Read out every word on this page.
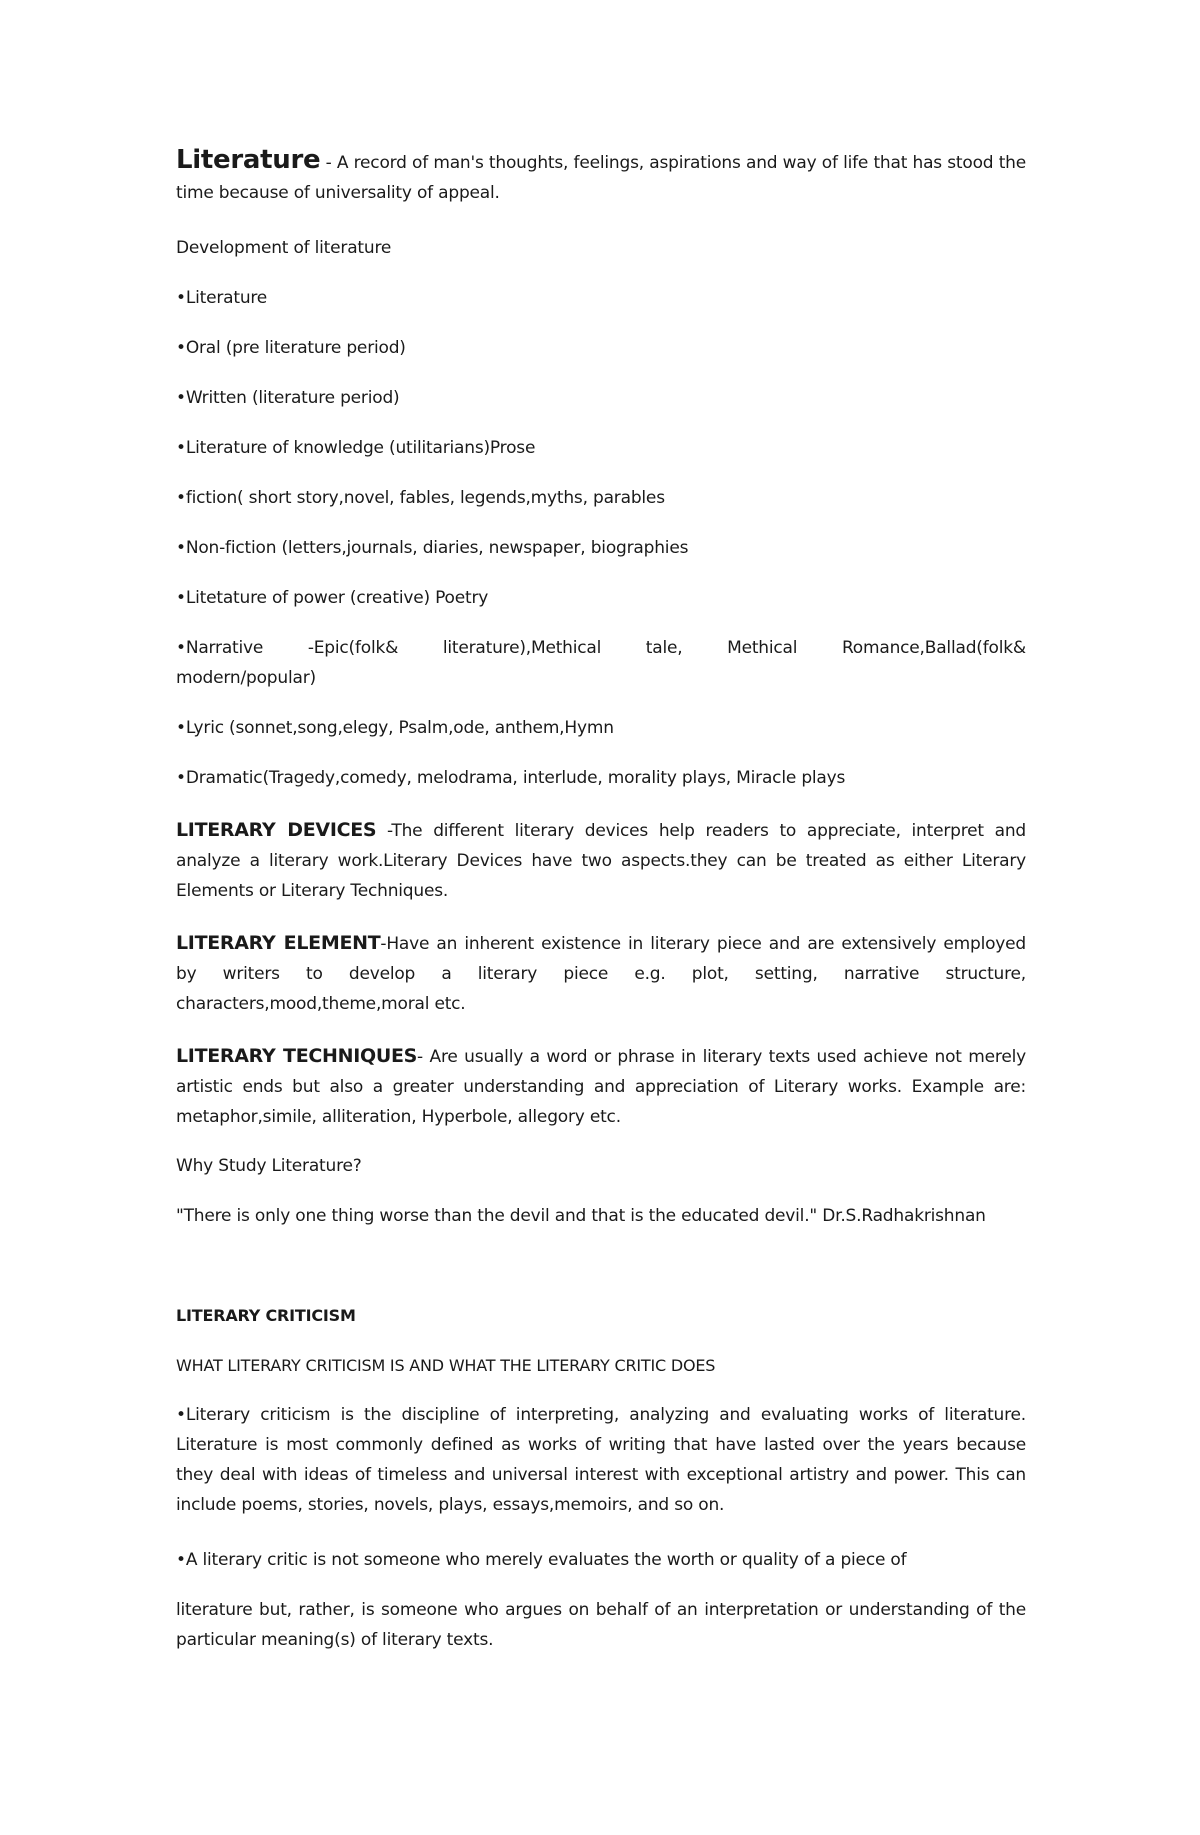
Literature - A record of man's thoughts, feelings, aspirations and way of life that has stood the time because of universality of appeal.

Development of literature

• Literature

• Oral (pre literature period)

• Written (literature period)

• Literature of knowledge (utilitarians)Prose

• fiction( short story,novel, fables, legends,myths, parables

• Non-fiction (letters,journals, diaries, newspaper, biographies

• Litetature of power (creative) Poetry

• Narrative	-Epic(folk&	literature),Methical	tale,	Methical	Romance,Ballad(folk&
modern/popular)

• Lyric (sonnet,song,elegy, Psalm,ode, anthem,Hymn

• Dramatic(Tragedy,comedy, melodrama, interlude, morality plays, Miracle plays

LITERARY DEVICES -The different literary devices help readers to appreciate, interpret and analyze a literary work.Literary Devices have two aspects.they can be treated as either Literary Elements or Literary Techniques.

LITERARY ELEMENT-Have an inherent existence in literary piece and are extensively employed by writers to develop a literary piece e.g. plot, setting, narrative structure, characters,mood,theme,moral etc.

LITERARY TECHNIQUES- Are usually a word or phrase in literary texts used achieve not merely artistic ends but also a greater understanding and appreciation of Literary works. Example are: metaphor,simile, alliteration, Hyperbole, allegory etc.

Why Study Literature?

"There is only one thing worse than the devil and that is the educated devil." Dr.S.Radhakrishnan

LITERARY CRITICISM

WHAT LITERARY CRITICISM IS AND WHAT THE LITERARY CRITIC DOES

• Literary criticism is the discipline of interpreting, analyzing and evaluating works of literature. Literature is most commonly defined as works of writing that have lasted over the years because they deal with ideas of timeless and universal interest with exceptional artistry and power. This can include poems, stories, novels, plays, essays,memoirs, and so on.

• A literary critic is not someone who merely evaluates the worth or quality of a piece of

literature but, rather, is someone who argues on behalf of an interpretation or understanding of the particular meaning(s) of literary texts.
